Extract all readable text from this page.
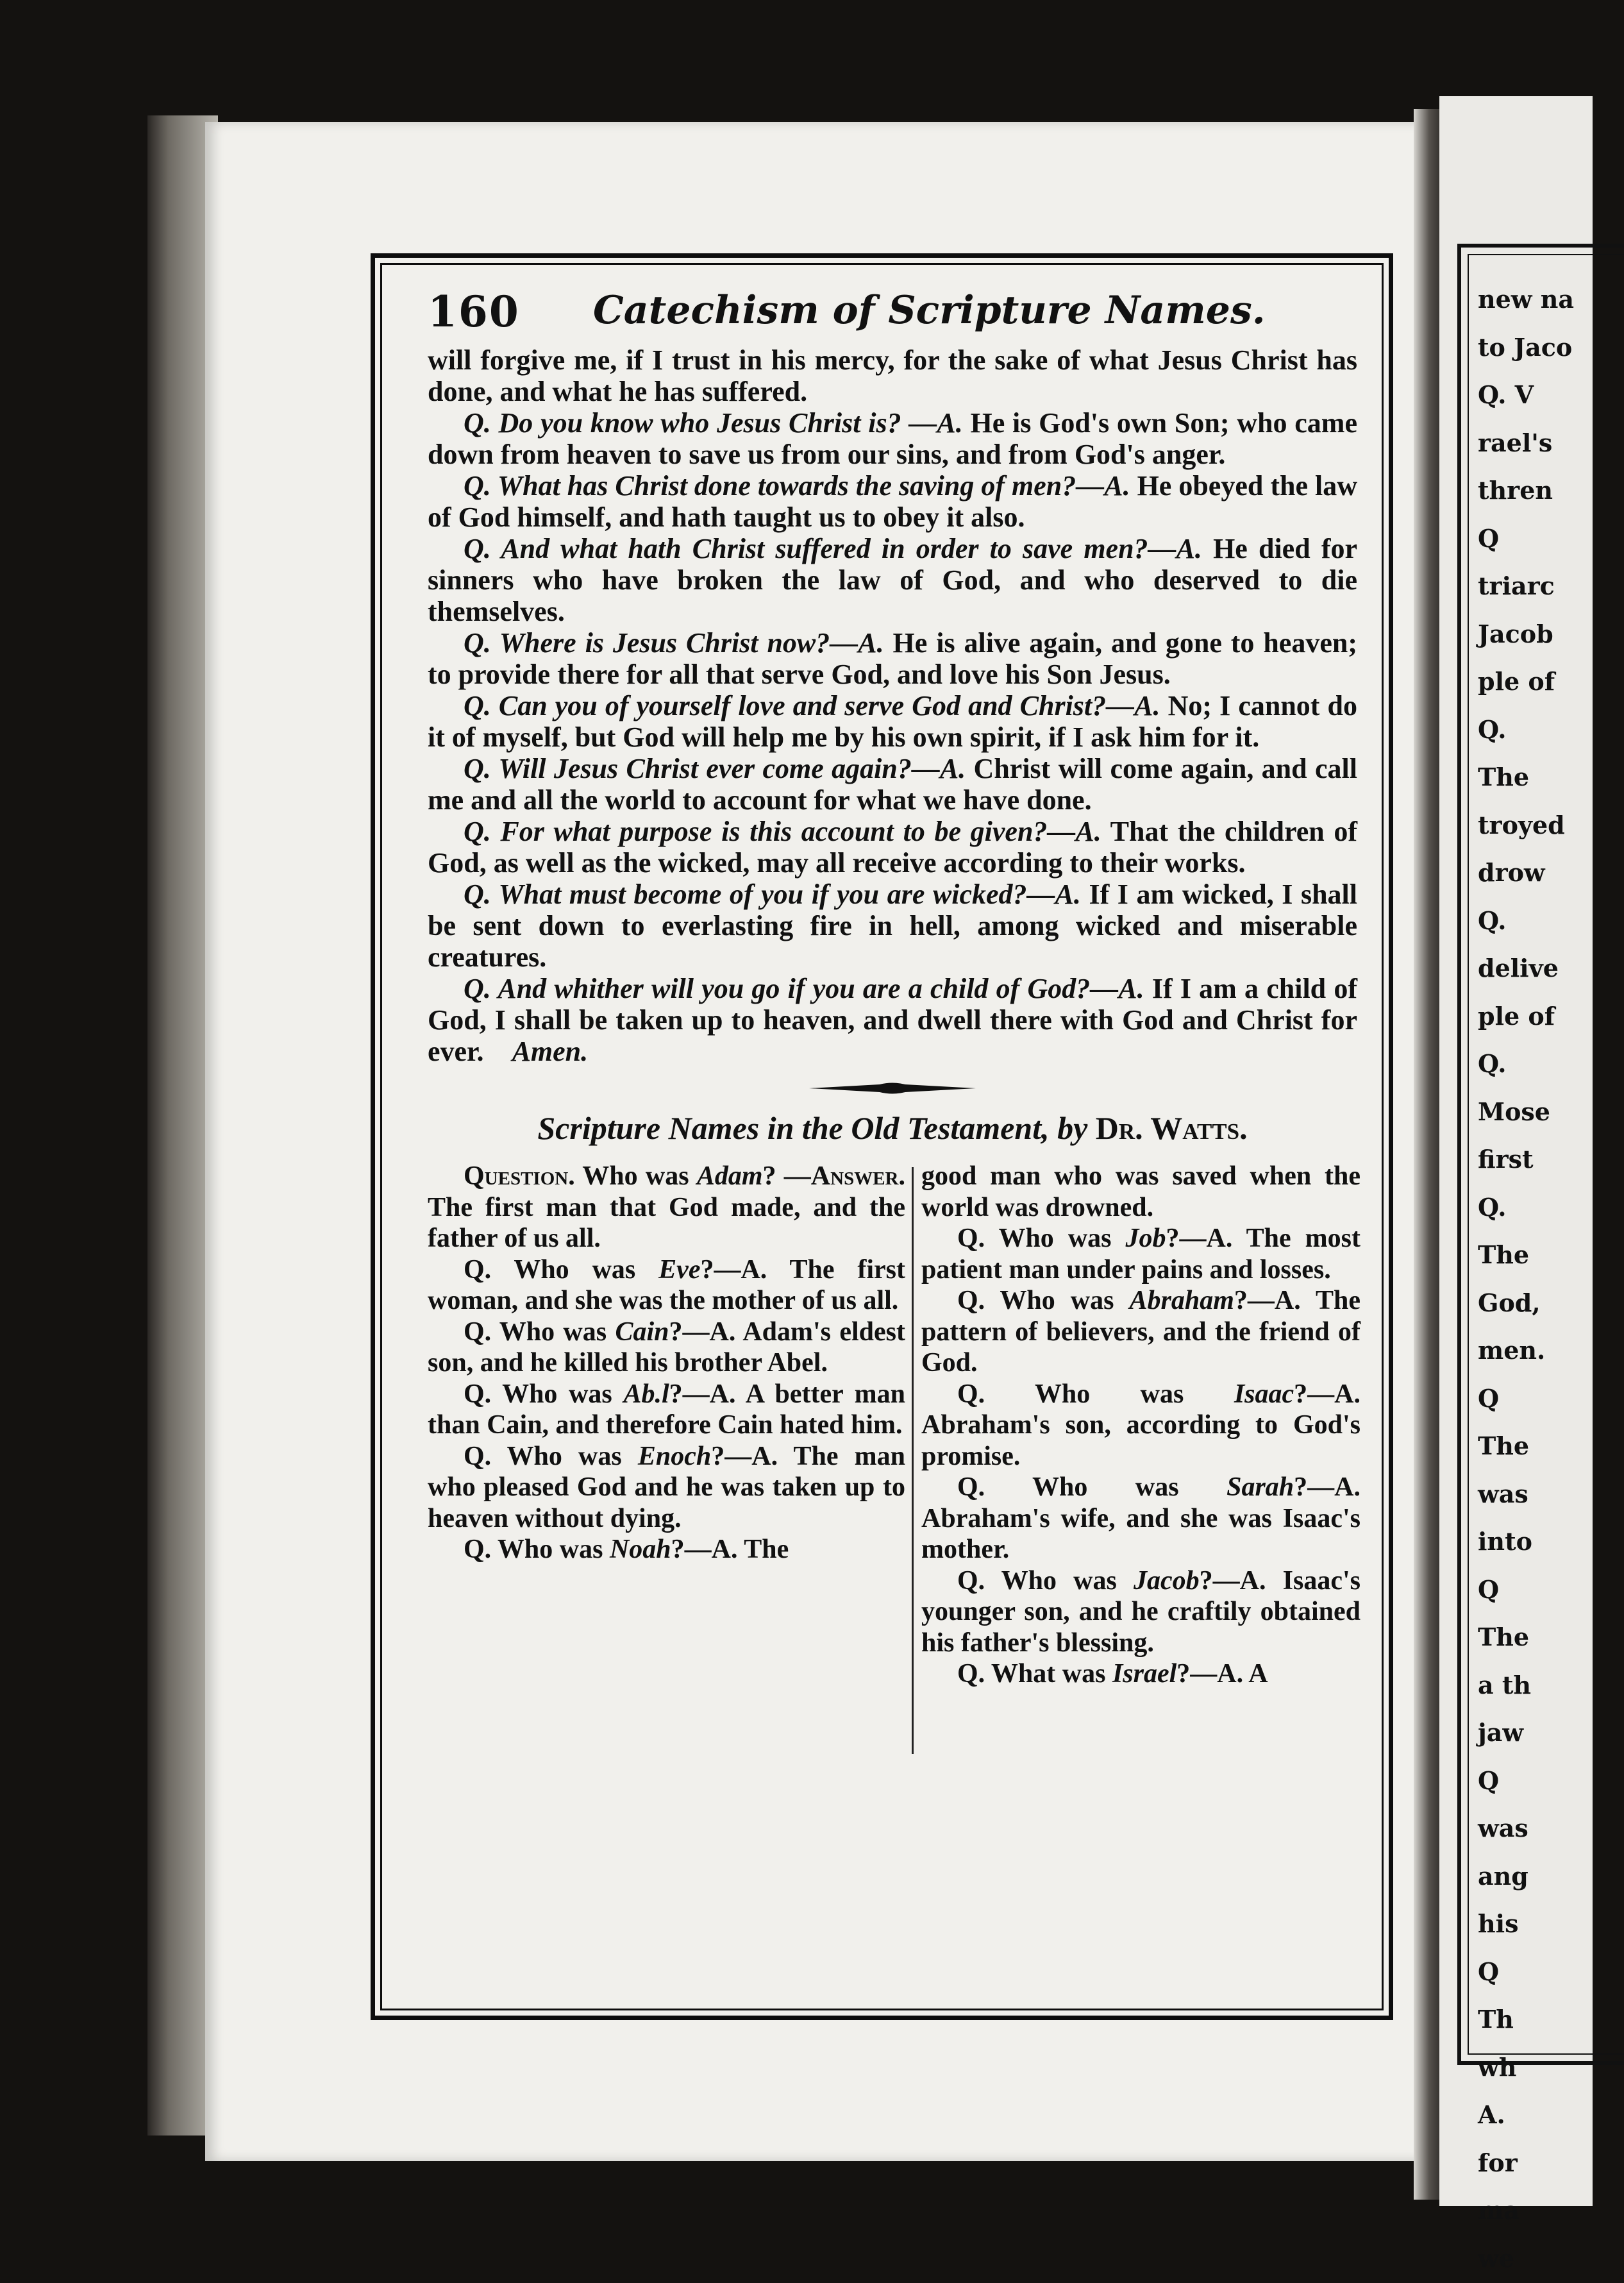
new na
to Jaco
Q. V
rael's
thren
Q
triarc
Jacob
ple of
Q.
The
troyed
drow
Q.
delive
ple of
Q.
Mose
first
Q.
The
God,
men.
Q
The
was
into
Q
The
a th
jaw
Q
was
ang
his
Q
Th
wh
A.
for
ma
we
160 Catechism of Scripture Names.

will forgive me, if I trust in his mercy, for the sake of what Jesus Christ has done, and what he has suffered.

Q. Do you know who Jesus Christ is? —A. He is God's own Son; who came down from heaven to save us from our sins, and from God's anger.

Q. What has Christ done towards the saving of men?—A. He obeyed the law of God himself, and hath taught us to obey it also.

Q. And what hath Christ suffered in order to save men?—A. He died for sinners who have broken the law of God, and who deserved to die themselves.

Q. Where is Jesus Christ now?—A. He is alive again, and gone to heaven; to provide there for all that serve God, and love his Son Jesus.

Q. Can you of yourself love and serve God and Christ?—A. No; I cannot do it of myself, but God will help me by his own spirit, if I ask him for it.

Q. Will Jesus Christ ever come again?—A. Christ will come again, and call me and all the world to account for what we have done.

Q. For what purpose is this account to be given?—A. That the children of God, as well as the wicked, may all receive according to their works.

Q. What must become of you if you are wicked?—A. If I am wicked, I shall be sent down to everlasting fire in hell, among wicked and miserable creatures.

Q. And whither will you go if you are a child of God?—A. If I am a child of God, I shall be taken up to heaven, and dwell there with God and Christ for ever. Amen.

Scripture Names in the Old Testament, by Dr. Watts.

Question. Who was Adam? —Answer. The first man that God made, and the father of us all.

Q. Who was Eve?—A. The first woman, and she was the mother of us all.

Q. Who was Cain?—A. Adam's eldest son, and he killed his brother Abel.

Q. Who was Ab.l?—A. A better man than Cain, and therefore Cain hated him.

Q. Who was Enoch?—A. The man who pleased God and he was taken up to heaven without dying.

Q. Who was Noah?—A. The

good man who was saved when the world was drowned.

Q. Who was Job?—A. The most patient man under pains and losses.

Q. Who was Abraham?—A. The pattern of believers, and the friend of God.

Q. Who was Isaac?—A. Abraham's son, according to God's promise.

Q. Who was Sarah?—A. Abraham's wife, and she was Isaac's mother.

Q. Who was Jacob?—A. Isaac's younger son, and he craftily obtained his father's blessing.

Q. What was Israel?—A. A
